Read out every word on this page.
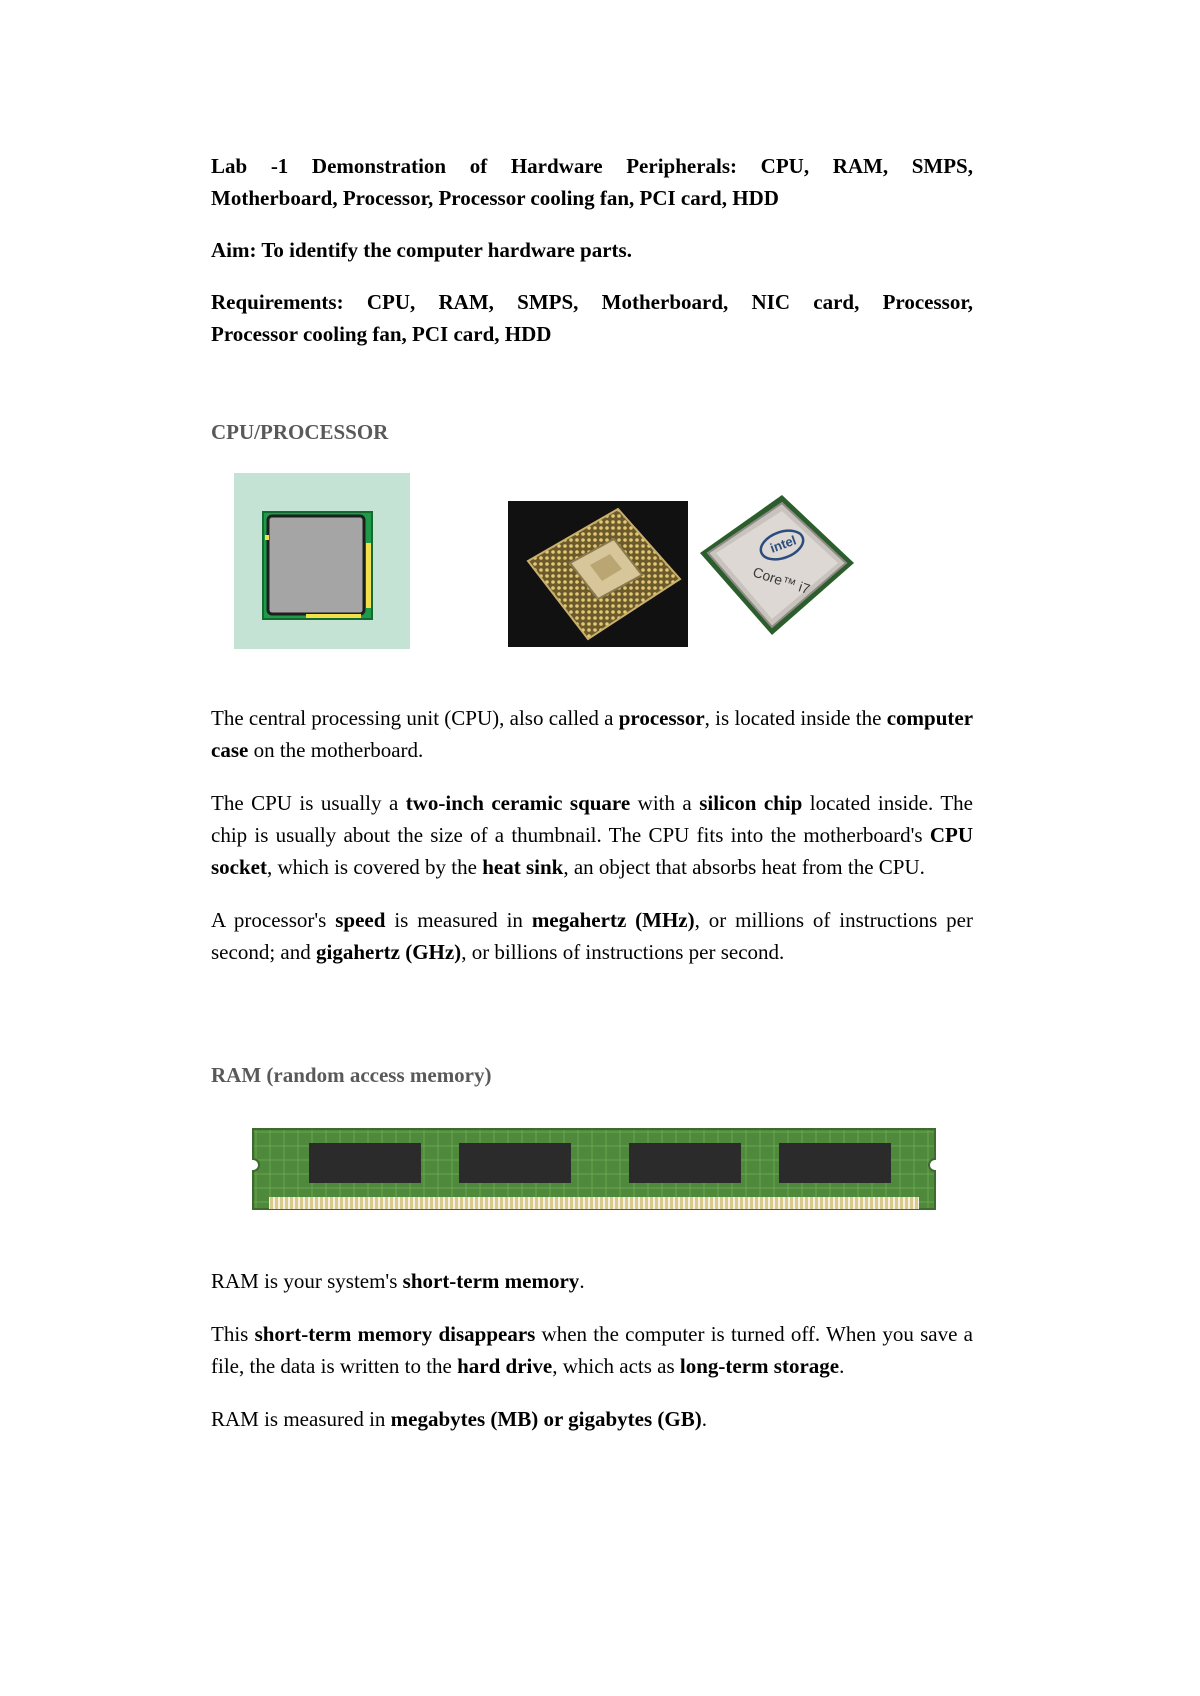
Lab -1 Demonstration of Hardware Peripherals: CPU, RAM, SMPS,
Motherboard, Processor, Processor cooling fan, PCI card, HDD

Aim: To identify the computer hardware parts.

Requirements: CPU, RAM, SMPS, Motherboard, NIC card, Processor,
Processor cooling fan, PCI card, HDD

CPU/PROCESSOR
intel
Core™ i7

The central processing unit (CPU), also called a processor, is located inside the computer case on the motherboard.

The CPU is usually a two-inch ceramic square with a silicon chip located inside. The chip is usually about the size of a thumbnail. The CPU fits into the motherboard's CPU socket, which is covered by the heat sink, an object that absorbs heat from the CPU.

A processor's speed is measured in megahertz (MHz), or millions of instructions per second; and gigahertz (GHz), or billions of instructions per second.

RAM (random access memory)

RAM is your system's short-term memory.

This short-term memory disappears when the computer is turned off. When you save a file, the data is written to the hard drive, which acts as long-term storage.

RAM is measured in megabytes (MB) or gigabytes (GB).
